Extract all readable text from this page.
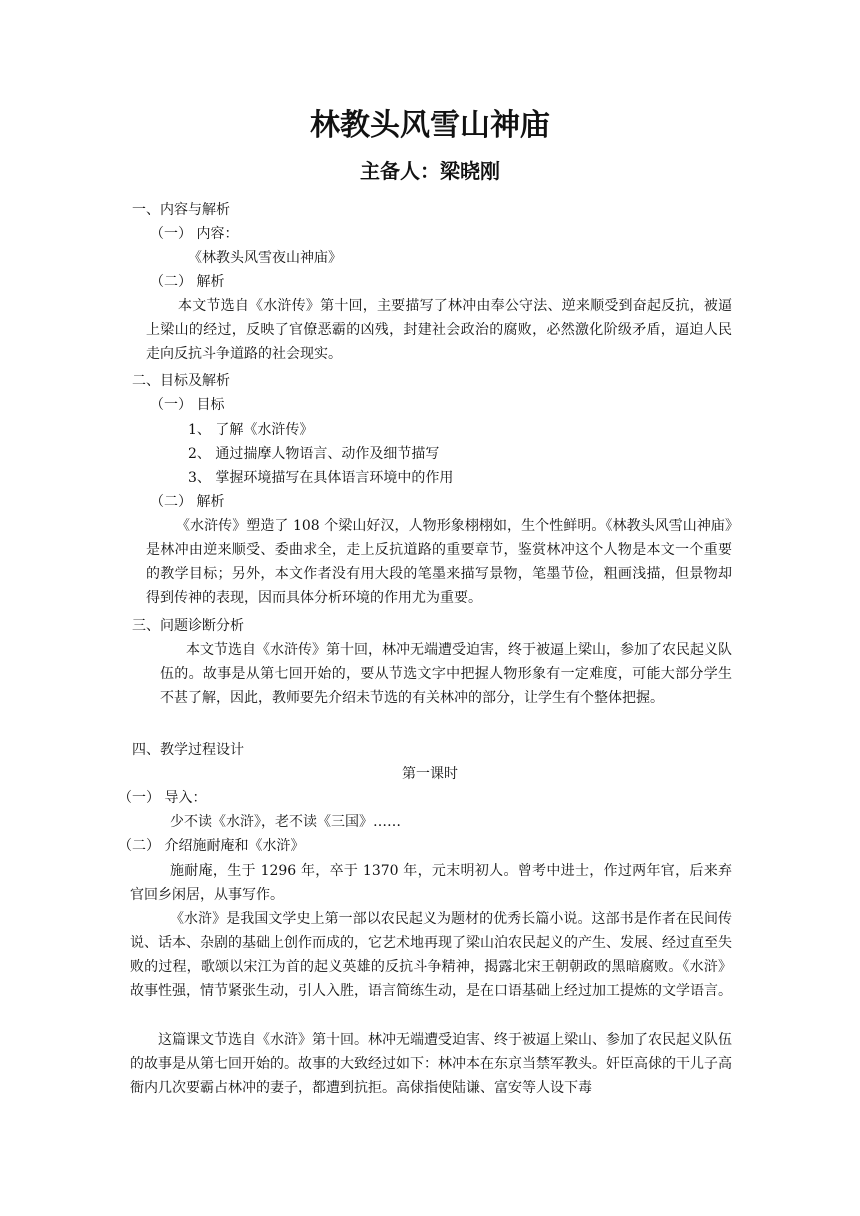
林教头风雪山神庙
主备人：梁晓刚
一、内容与解析
（一） 内容：
《林教头风雪夜山神庙》
（二） 解析
本文节选自《水浒传》第十回，主要描写了林冲由奉公守法、逆来顺受到奋起反抗，被逼上梁山的经过，反映了官僚恶霸的凶残，封建社会政治的腐败，必然激化阶级矛盾，逼迫人民走向反抗斗争道路的社会现实。
二、目标及解析
（一） 目标
1、 了解《水浒传》
2、 通过揣摩人物语言、动作及细节描写
3、 掌握环境描写在具体语言环境中的作用
（二） 解析
《水浒传》塑造了 108 个梁山好汉，人物形象栩栩如，生个性鲜明。《林教头风雪山神庙》是林冲由逆来顺受、委曲求全，走上反抗道路的重要章节，鉴赏林冲这个人物是本文一个重要的教学目标；另外，本文作者没有用大段的笔墨来描写景物，笔墨节俭，粗画浅描，但景物却得到传神的表现，因而具体分析环境的作用尤为重要。
三、问题诊断分析
本文节选自《水浒传》第十回，林冲无端遭受迫害，终于被逼上梁山，参加了农民起义队伍的。故事是从第七回开始的，要从节选文字中把握人物形象有一定难度，可能大部分学生不甚了解，因此，教师要先介绍未节选的有关林冲的部分，让学生有个整体把握。
四、教学过程设计
第一课时
（一） 导入：
少不读《水浒》，老不读《三国》……
（二） 介绍施耐庵和《水浒》
施耐庵，生于 1296 年，卒于 1370 年，元末明初人。曾考中进士，作过两年官，后来弃官回乡闲居，从事写作。
《水浒》是我国文学史上第一部以农民起义为题材的优秀长篇小说。这部书是作者在民间传说、话本、杂剧的基础上创作而成的，它艺术地再现了梁山泊农民起义的产生、发展、经过直至失败的过程，歌颂以宋江为首的起义英雄的反抗斗争精神，揭露北宋王朝朝政的黑暗腐败。《水浒》故事性强，情节紧张生动，引人入胜，语言简练生动，是在口语基础上经过加工提炼的文学语言。
这篇课文节选自《水浒》第十回。林冲无端遭受迫害、终于被逼上梁山、参加了农民起义队伍的故事是从第七回开始的。故事的大致经过如下：林冲本在东京当禁军教头。奸臣高俅的干儿子高衙内几次要霸占林冲的妻子，都遭到抗拒。高俅指使陆谦、富安等人设下毒
